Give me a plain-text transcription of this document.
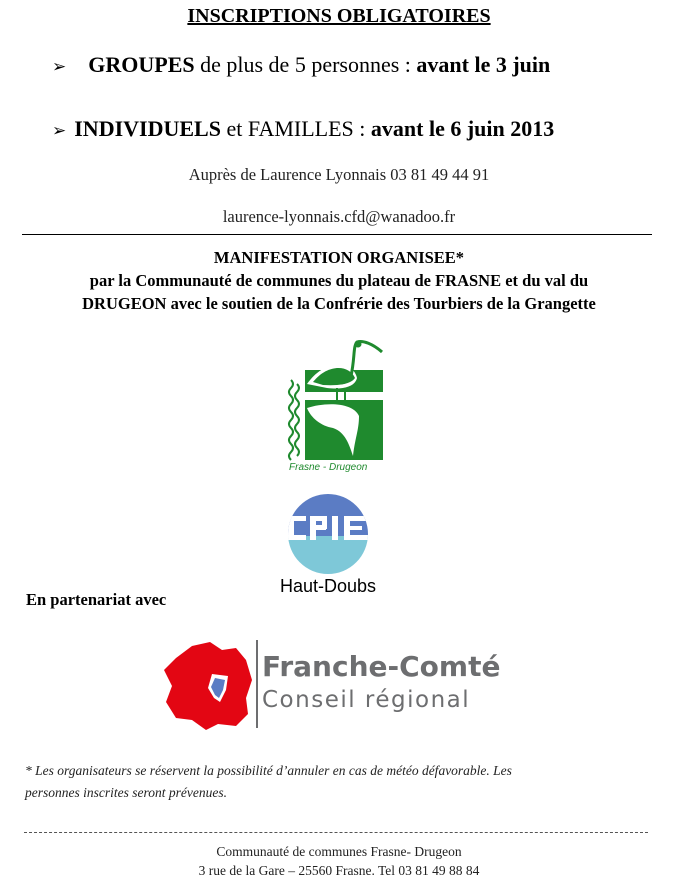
INSCRIPTIONS OBLIGATOIRES
➢ GROUPES de plus de 5 personnes : avant le 3 juin
➢ INDIVIDUELS et FAMILLES : avant le 6 juin 2013
Auprès de Laurence Lyonnais 03 81 49 44 91
laurence-lyonnais.cfd@wanadoo.fr
MANIFESTATION ORGANISEE*
par la Communauté de communes du plateau de FRASNE et du val du
DRUGEON avec le soutien de la Confrérie des Tourbiers de la Grangette
Frasne - Drugeon
Haut-Doubs
En partenariat avec
Franche-Comté
Conseil régional
* Les organisateurs se réservent la possibilité d’annuler en cas de météo défavorable. Les
personnes inscrites seront prévenues.
Communauté de communes Frasne- Drugeon
3 rue de la Gare – 25560 Frasne. Tel 03 81 49 88 84
